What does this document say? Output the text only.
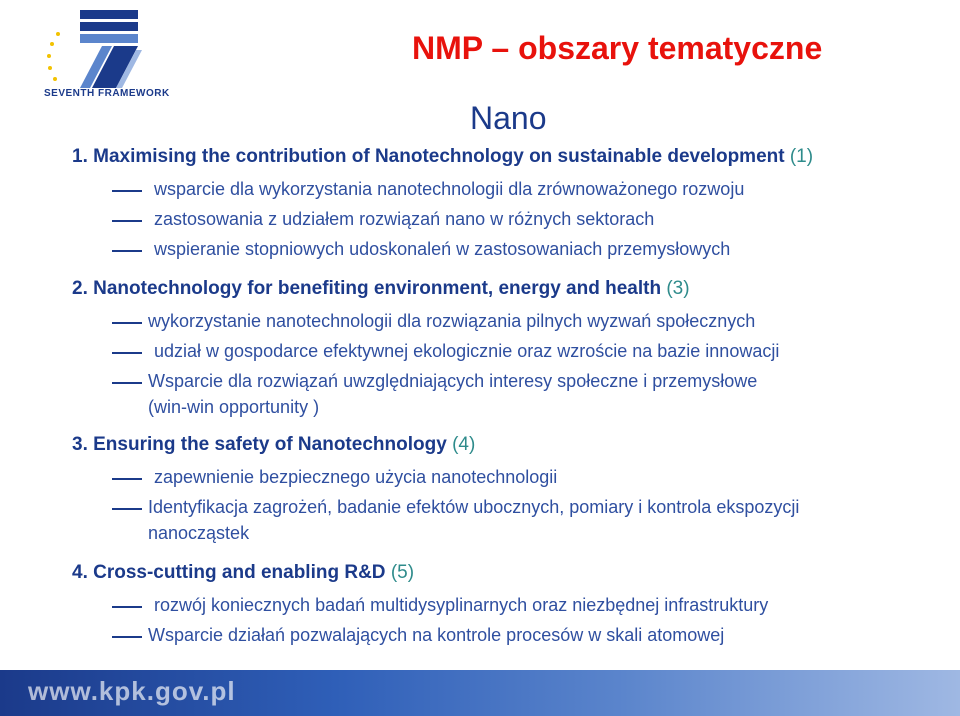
SEVENTH FRAMEWORK
NMP – obszary tematyczne
Nano
1. Maximising the contribution of Nanotechnology on sustainable development (1)
wsparcie dla wykorzystania nanotechnologii dla zrównoważonego rozwoju
zastosowania z udziałem rozwiązań nano w różnych sektorach
wspieranie stopniowych udoskonaleń w zastosowaniach przemysłowych
2. Nanotechnology for benefiting environment, energy and health (3)
wykorzystanie nanotechnologii dla rozwiązania pilnych wyzwań społecznych
udział w gospodarce efektywnej ekologicznie oraz wzroście na bazie innowacji
Wsparcie dla rozwiązań uwzględniających interesy społeczne i przemysłowe
(win-win opportunity )
3. Ensuring the safety of Nanotechnology (4)
zapewnienie bezpiecznego użycia nanotechnologii
Identyfikacja zagrożeń, badanie efektów ubocznych, pomiary i kontrola ekspozycji
nanocząstek
4. Cross-cutting and enabling R&D (5)
rozwój koniecznych badań multidysyplinarnych oraz niezbędnej infrastruktury
Wsparcie działań pozwalających na kontrole procesów w skali atomowej
www.kpk.gov.pl
